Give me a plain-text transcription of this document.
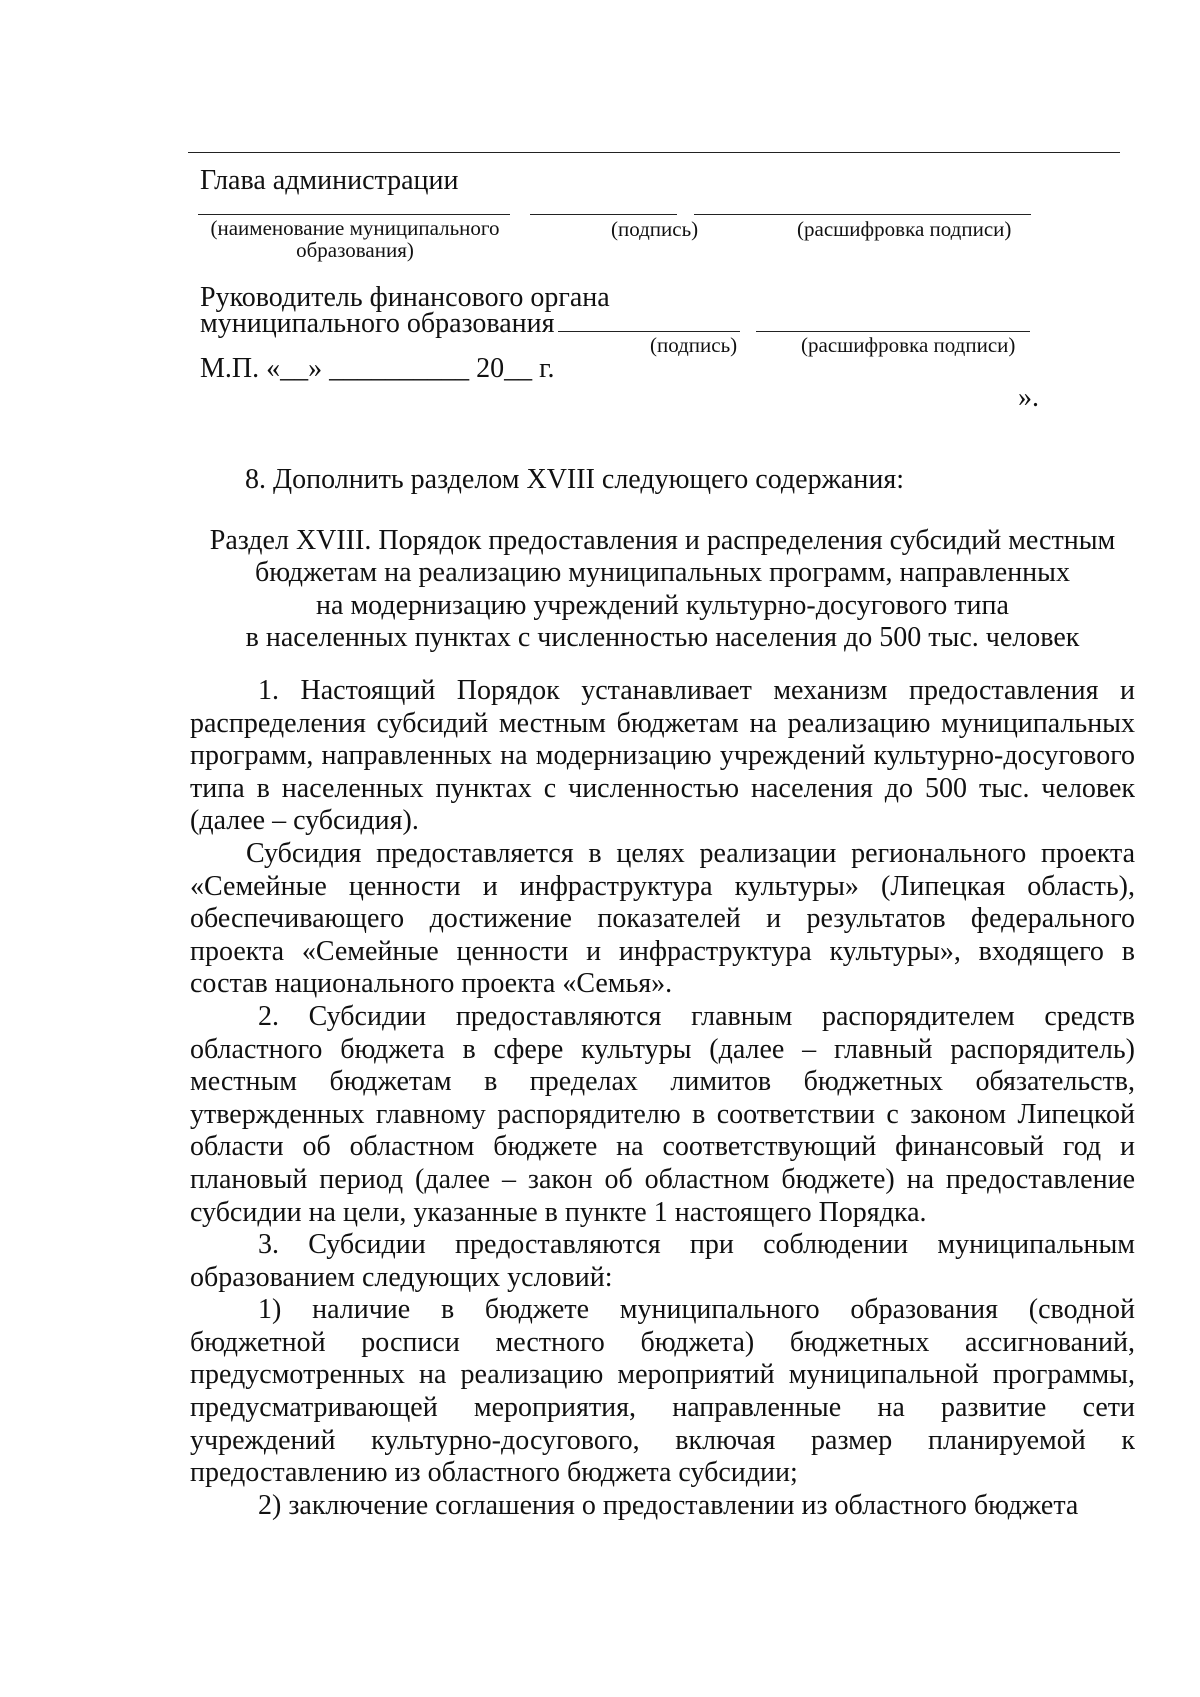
Глава администрации
(наименование муниципального образования)
(подпись)	(расшифровка подписи)
Руководитель финансового органа
муниципального образования
(подпись)	(расшифровка подписи)
М.П. «__» __________ 20__ г.
».
8. Дополнить разделом XVIII следующего содержания:
Раздел XVIII. Порядок предоставления и распределения субсидий местным
бюджетам на реализацию муниципальных программ, направленных
на модернизацию учреждений культурно-досугового типа
в населенных пунктах с численностью населения до 500 тыс. человек

1. Настоящий Порядок устанавливает механизм предоставления и распределения субсидий местным бюджетам на реализацию муниципальных программ, направленных на модернизацию учреждений культурно-досугового типа в населенных пунктах с численностью населения до 500 тыс. человек (далее – субсидия).

Субсидия предоставляется в целях реализации регионального проекта «Семейные ценности и инфраструктура культуры» (Липецкая область), обеспечивающего достижение показателей и результатов федерального проекта «Семейные ценности и инфраструктура культуры», входящего в состав национального проекта «Семья».

2. Субсидии предоставляются главным распорядителем средств областного бюджета в сфере культуры (далее – главный распорядитель) местным бюджетам в пределах лимитов бюджетных обязательств, утвержденных главному распорядителю в соответствии с законом Липецкой области об областном бюджете на соответствующий финансовый год и плановый период (далее – закон об областном бюджете) на предоставление субсидии на цели, указанные в пункте 1 настоящего Порядка.

3. Субсидии предоставляются при соблюдении муниципальным образованием следующих условий:

1) наличие в бюджете муниципального образования (сводной бюджетной росписи местного бюджета) бюджетных ассигнований, предусмотренных на реализацию мероприятий муниципальной программы, предусматривающей мероприятия, направленные на развитие сети учреждений культурно-досугового, включая размер планируемой к предоставлению из областного бюджета субсидии;

2) заключение соглашения о предоставлении из областного бюджета
